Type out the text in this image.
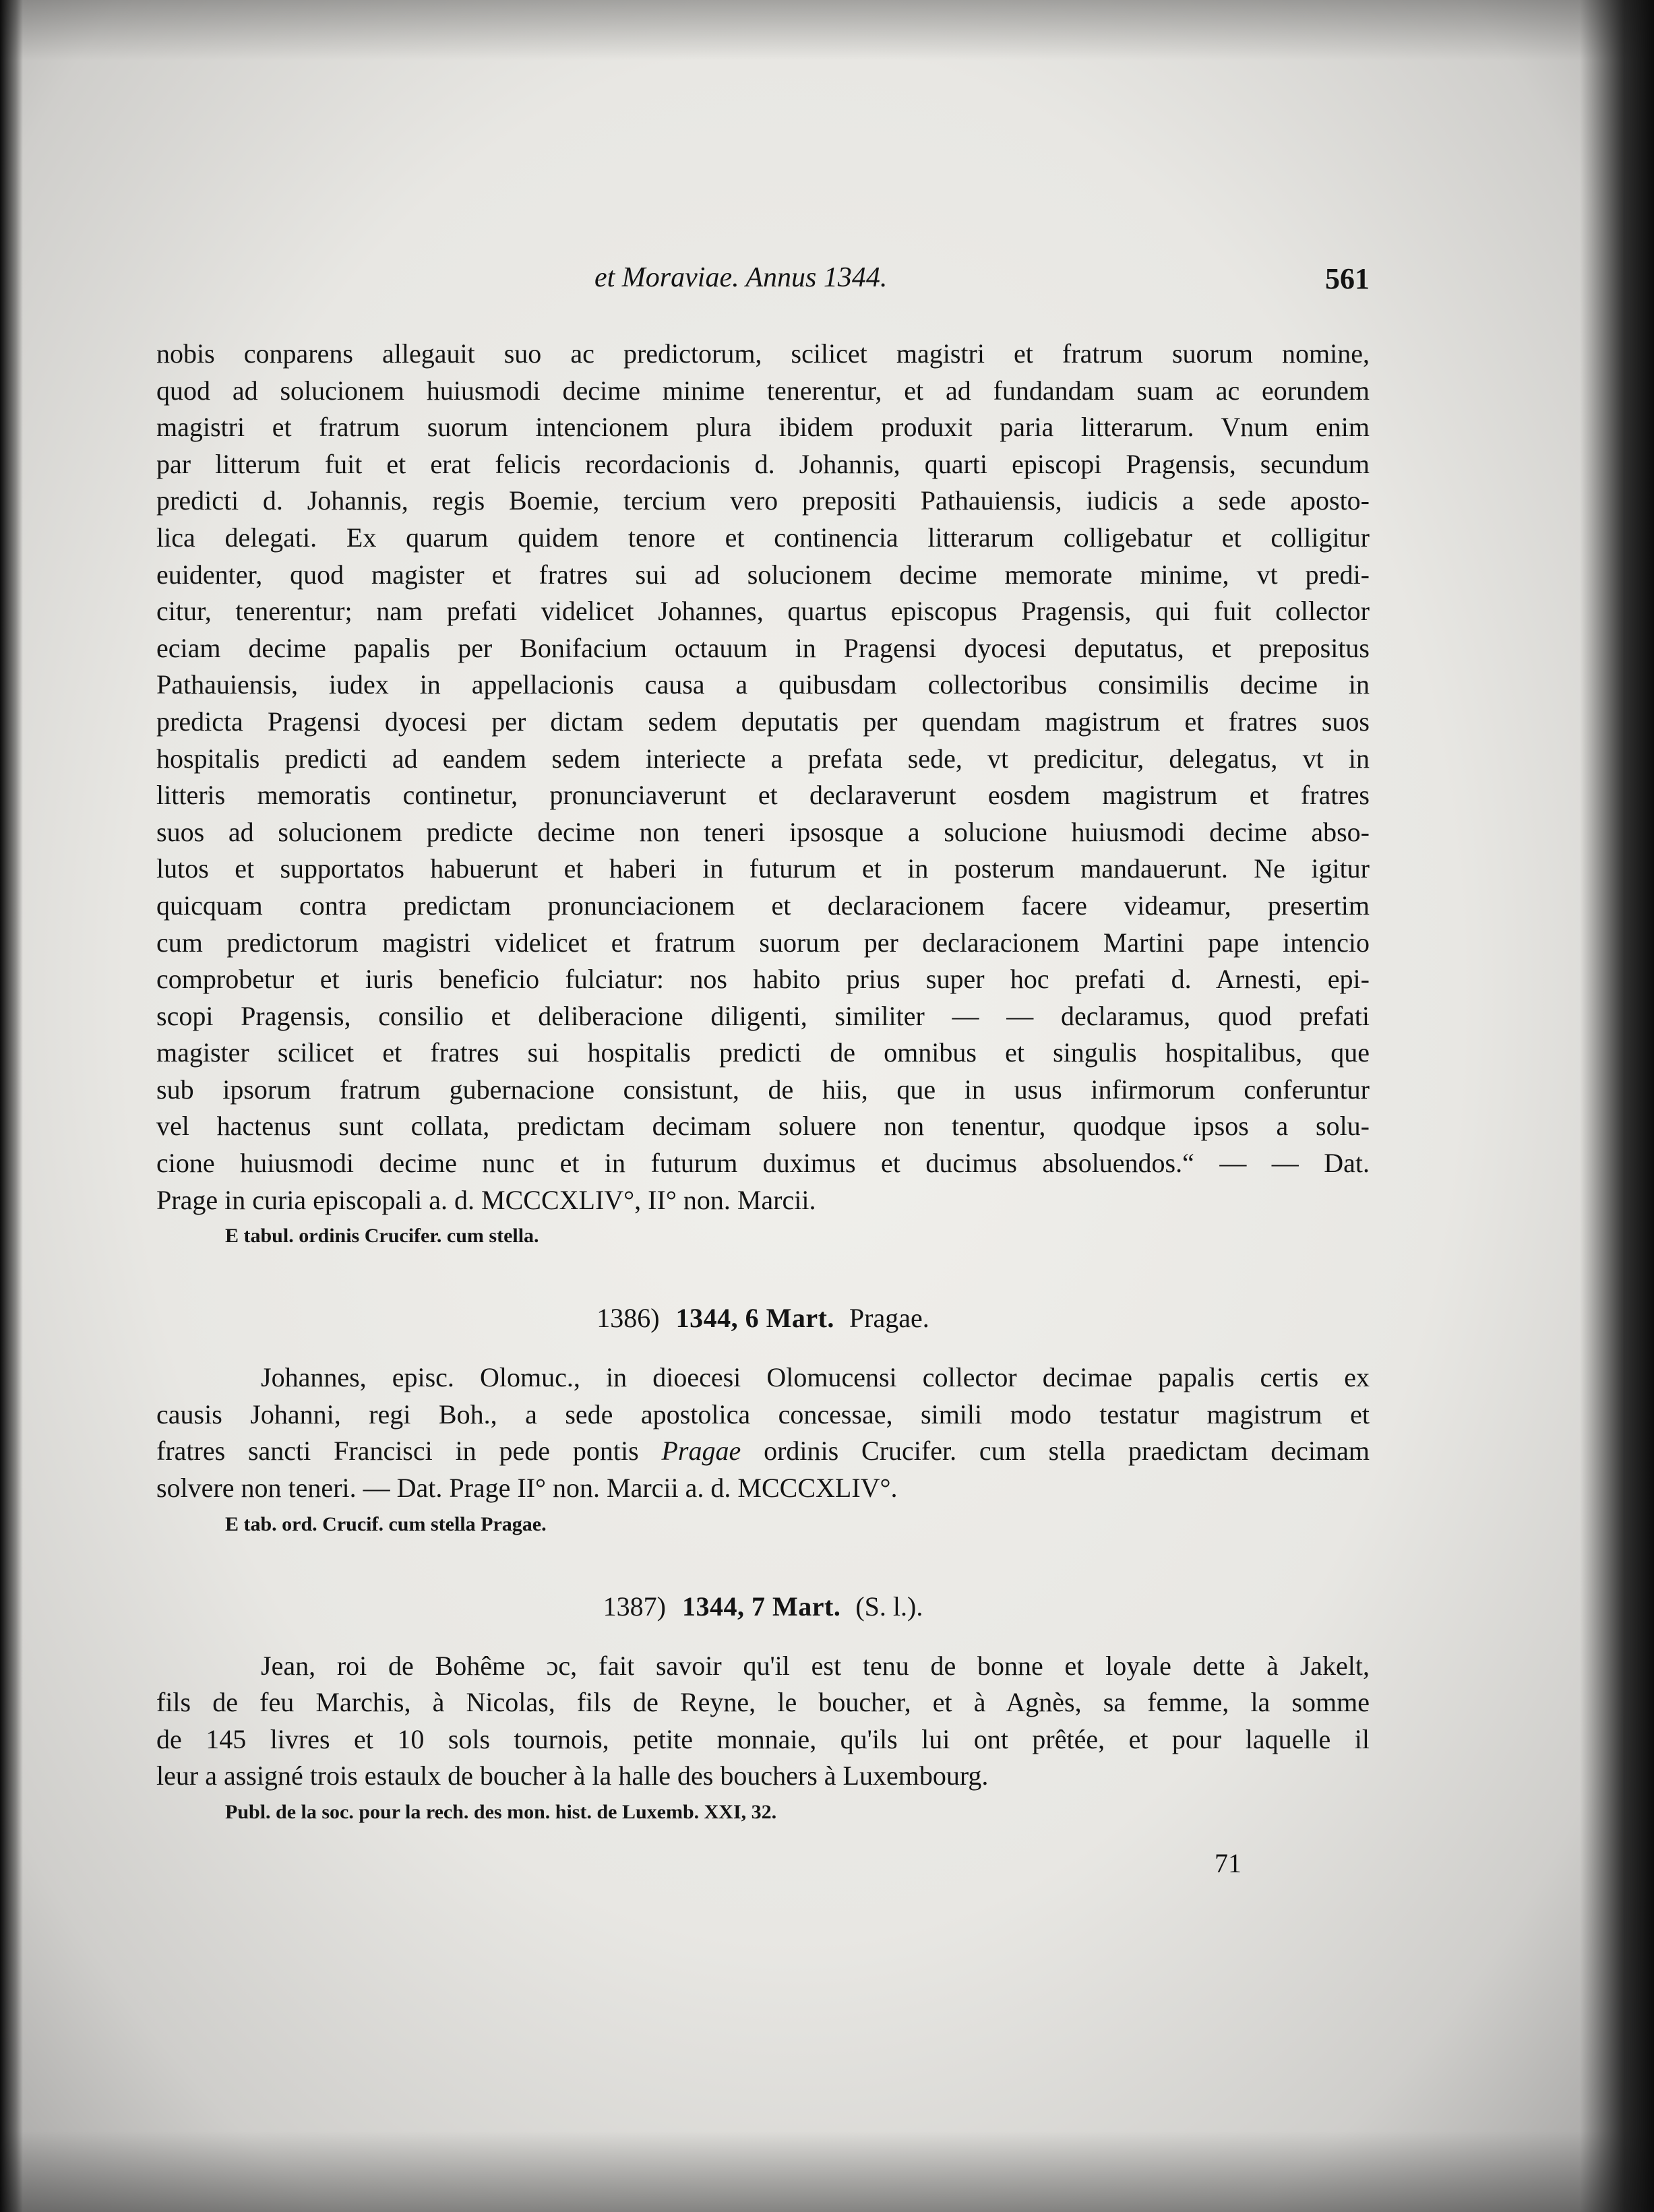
et Moraviae. Annus 1344.	561
nobis conparens allegauit suo ac predictorum, scilicet magistri et fratrum suorum nomine,
quod ad solucionem huiusmodi decime minime tenerentur, et ad fundandam suam ac eorundem
magistri et fratrum suorum intencionem plura ibidem produxit paria litterarum. Vnum enim
par litterum fuit et erat felicis recordacionis d. Johannis, quarti episcopi Pragensis, secundum
predicti d. Johannis, regis Boemie, tercium vero prepositi Pathauiensis, iudicis a sede aposto-
lica delegati. Ex quarum quidem tenore et continencia litterarum colligebatur et colligitur
euidenter, quod magister et fratres sui ad solucionem decime memorate minime, vt predi-
citur, tenerentur; nam prefati videlicet Johannes, quartus episcopus Pragensis, qui fuit collector
eciam decime papalis per Bonifacium octauum in Pragensi dyocesi deputatus, et prepositus
Pathauiensis, iudex in appellacionis causa a quibusdam collectoribus consimilis decime in
predicta Pragensi dyocesi per dictam sedem deputatis per quendam magistrum et fratres suos
hospitalis predicti ad eandem sedem interiecte a prefata sede, vt predicitur, delegatus, vt in
litteris memoratis continetur, pronunciaverunt et declaraverunt eosdem magistrum et fratres
suos ad solucionem predicte decime non teneri ipsosque a solucione huiusmodi decime abso-
lutos et supportatos habuerunt et haberi in futurum et in posterum mandauerunt. Ne igitur
quicquam contra predictam pronunciacionem et declaracionem facere videamur, presertim
cum predictorum magistri videlicet et fratrum suorum per declaracionem Martini pape intencio
comprobetur et iuris beneficio fulciatur: nos habito prius super hoc prefati d. Arnesti, epi-
scopi Pragensis, consilio et deliberacione diligenti, similiter — — declaramus, quod prefati
magister scilicet et fratres sui hospitalis predicti de omnibus et singulis hospitalibus, que
sub ipsorum fratrum gubernacione consistunt, de hiis, que in usus infirmorum conferuntur
vel hactenus sunt collata, predictam decimam soluere non tenentur, quodque ipsos a solu-
cione huiusmodi decime nunc et in futurum duximus et ducimus absoluendos.“ — — Dat.
Prage in curia episcopali a. d. MCCCXLIV°, II° non. Marcii.
E tabul. ordinis Crucifer. cum stella.
1386) 1344, 6 Mart. Pragae.
Johannes, episc. Olomuc., in dioecesi Olomucensi collector decimae papalis certis ex
causis Johanni, regi Boh., a sede apostolica concessae, simili modo testatur magistrum et
fratres sancti Francisci in pede pontis Pragae ordinis Crucifer. cum stella praedictam decimam
solvere non teneri. — Dat. Prage II° non. Marcii a. d. MCCCXLIV°.
E tab. ord. Crucif. cum stella Pragae.
1387) 1344, 7 Mart. (S. l.).
Jean, roi de Bohême ɔc, fait savoir qu'il est tenu de bonne et loyale dette à Jakelt,
fils de feu Marchis, à Nicolas, fils de Reyne, le boucher, et à Agnès, sa femme, la somme
de 145 livres et 10 sols tournois, petite monnaie, qu'ils lui ont prêtée, et pour laquelle il
leur a assigné trois estaulx de boucher à la halle des bouchers à Luxembourg.
Publ. de la soc. pour la rech. des mon. hist. de Luxemb. XXI, 32.
71
